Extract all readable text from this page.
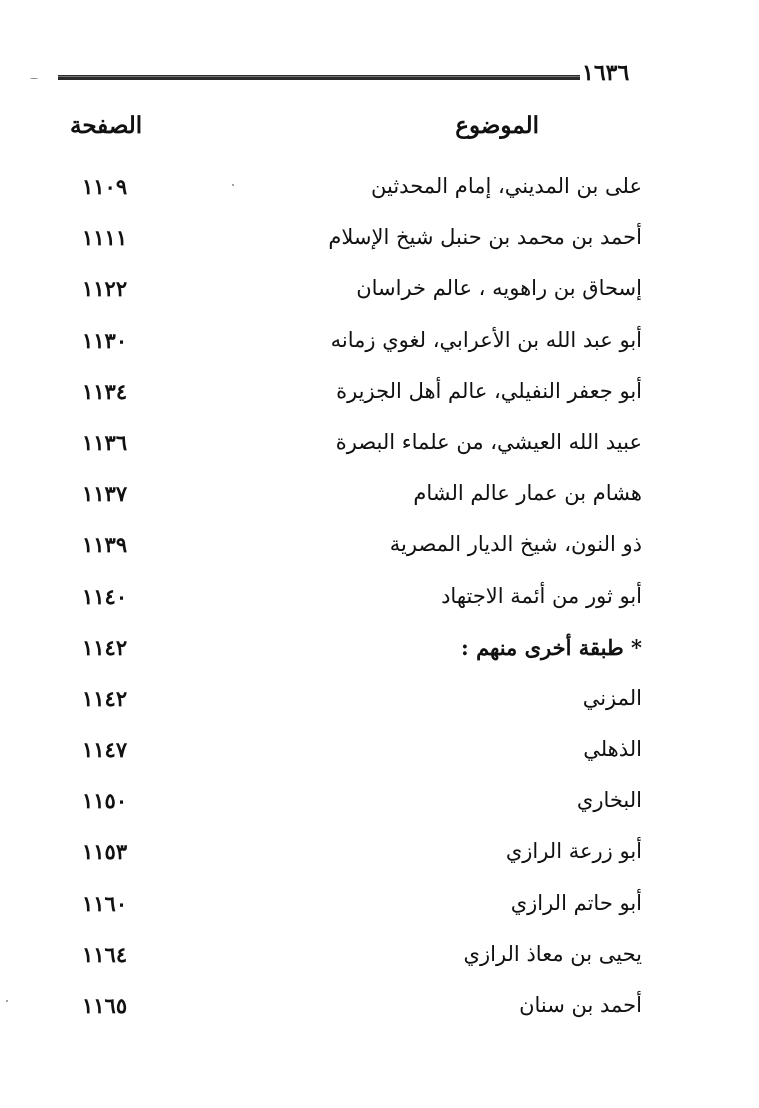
١٦٣٦
الموضوع
الصفحة
على بن المديني، إمام المحدثين
١١٠٩
أحمد بن محمد بن حنبل شيخ الإسلام
١١١١
إسحاق بن راهويه ، عالم خراسان
١١٢٢
أبو عبد الله بن الأعرابي، لغوي زمانه
١١٣٠
أبو جعفر النفيلي، عالم أهل الجزيرة
١١٣٤
عبيد الله العيشي، من علماء البصرة
١١٣٦
هشام بن عمار عالم الشام
١١٣٧
ذو النون، شيخ الديار المصرية
١١٣٩
أبو ثور من أئمة الاجتهاد
١١٤٠
* طبقة أخرى منهم :
١١٤٢
المزني
١١٤٢
الذهلي
١١٤٧
البخاري
١١٥٠
أبو زرعة الرازي
١١٥٣
أبو حاتم الرازي
١١٦٠
يحيى بن معاذ الرازي
١١٦٤
أحمد بن سنان
١١٦٥
